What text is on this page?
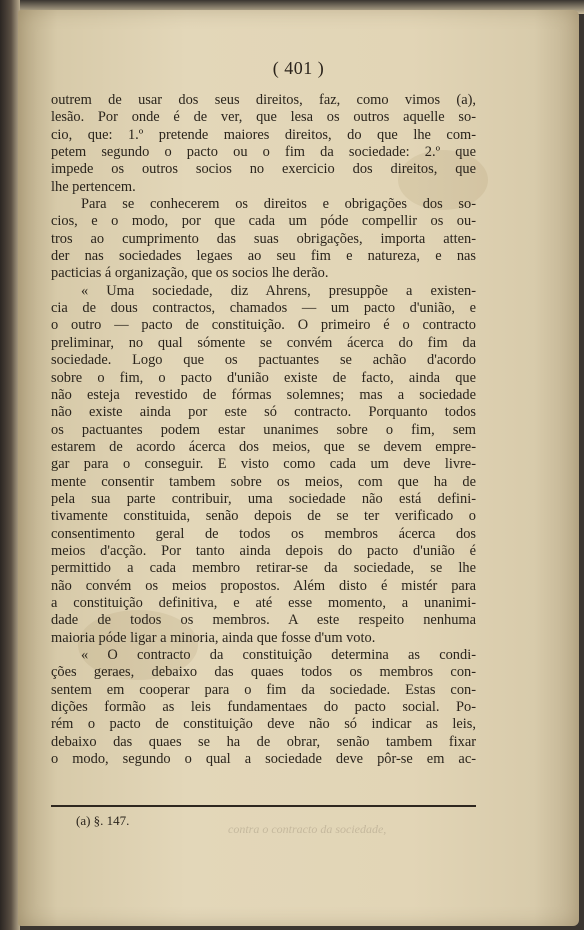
( 401 )
outrem de usar dos seus direitos, faz, como vimos (a),
lesão. Por onde é de ver, que lesa os outros aquelle so-
cio, que: 1.º pretende maiores direitos, do que lhe com-
petem segundo o pacto ou o fim da sociedade: 2.º que
impede os outros socios no exercicio dos direitos, que
lhe pertencem.
Para se conhecerem os direitos e obrigações dos so-
cios, e o modo, por que cada um póde compellir os ou-
tros ao cumprimento das suas obrigações, importa atten-
der nas sociedades legaes ao seu fim e natureza, e nas
pacticias á organização, que os socios lhe derão.
« Uma sociedade, diz Ahrens, presuppõe a existen-
cia de dous contractos, chamados — um pacto d'união, e
o outro — pacto de constituição. O primeiro é o contracto
preliminar, no qual sómente se convém ácerca do fim da
sociedade. Logo que os pactuantes se achão d'acordo
sobre o fim, o pacto d'união existe de facto, ainda que
não esteja revestido de fórmas solemnes; mas a sociedade
não existe ainda por este só contracto. Porquanto todos
os pactuantes podem estar unanimes sobre o fim, sem
estarem de acordo ácerca dos meios, que se devem empre-
gar para o conseguir. E visto como cada um deve livre-
mente consentir tambem sobre os meios, com que ha de
pela sua parte contribuir, uma sociedade não está defini-
tivamente constituida, senão depois de se ter verificado o
consentimento geral de todos os membros ácerca dos
meios d'acção. Por tanto ainda depois do pacto d'união é
permittido a cada membro retirar-se da sociedade, se lhe
não convém os meios propostos. Além disto é mistér para
a constituição definitiva, e até esse momento, a unanimi-
dade de todos os membros. A este respeito nenhuma
maioria póde ligar a minoria, ainda que fosse d'um voto.
« O contracto da constituição determina as condi-
ções geraes, debaixo das quaes todos os membros con-
sentem em cooperar para o fim da sociedade. Estas con-
dições formão as leis fundamentaes do pacto social. Po-
rém o pacto de constituição deve não só indicar as leis,
debaixo das quaes se ha de obrar, senão tambem fixar
o modo, segundo o qual a sociedade deve pôr-se em ac-
(a) §. 147.
contra o contracto da sociedade,
